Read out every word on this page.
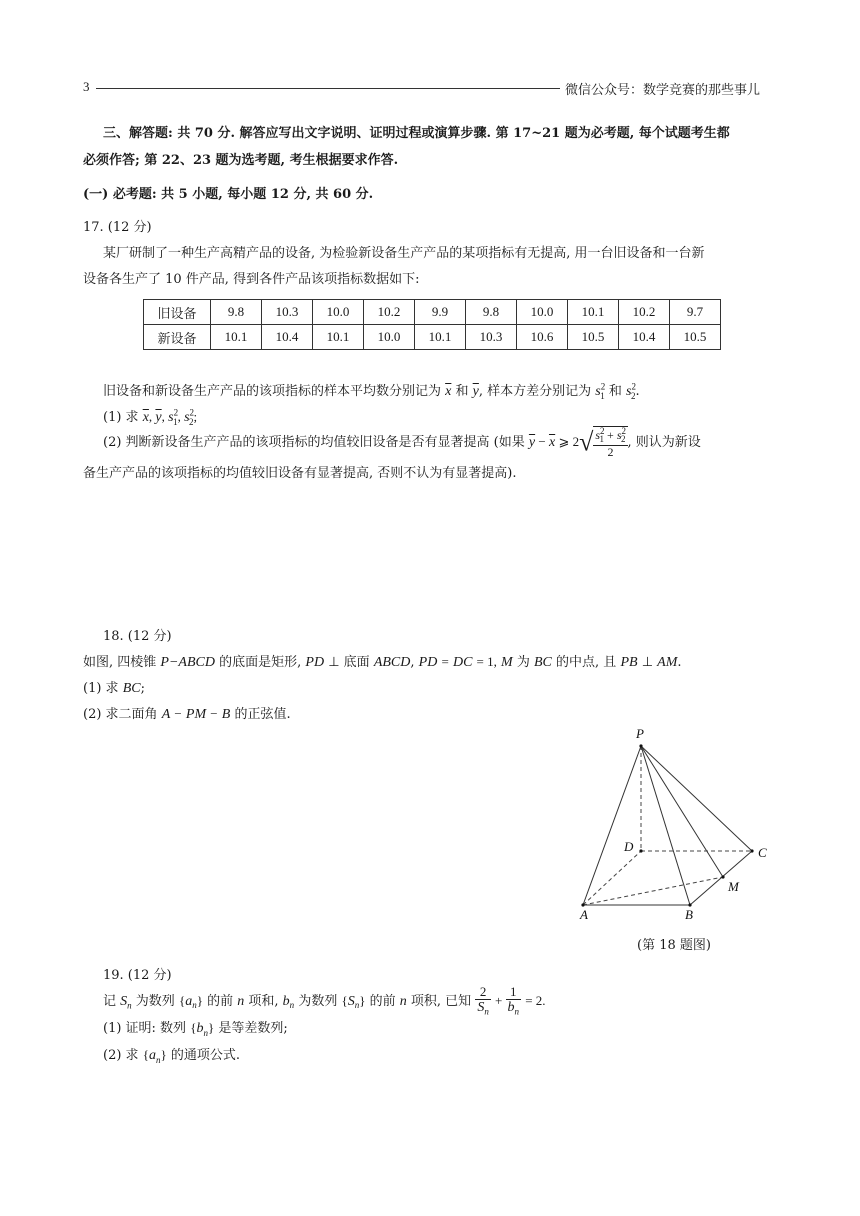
3	微信公众号：数学竞赛的那些事儿
三、解答题: 共 70 分. 解答应写出文字说明、证明过程或演算步骤. 第 17~21 题为必考题, 每个试题考生都
必须作答; 第 22、23 题为选考题, 考生根据要求作答.
(一) 必考题: 共 5 小题, 每小题 12 分, 共 60 分.
17. (12 分)
某厂研制了一种生产高精产品的设备, 为检验新设备生产产品的某项指标有无提高, 用一台旧设备和一台新
设备各生产了 10 件产品, 得到各件产品该项指标数据如下:
旧设备	9.8	10.3	10.0	10.2	9.9	9.8	10.0	10.1	10.2	9.7
新设备	10.1	10.4	10.1	10.0	10.1	10.3	10.6	10.5	10.4	10.5
旧设备和新设备生产产品的该项指标的样本平均数分别记为 $\overline{x}$ 和 $\overline{y}$, 样本方差分别记为 $s^2_1$ 和 $s^2_2$.
(1) 求 $\overline{x}$, $\overline{y}$, $s^2_1$, $s^2_2$;
(2) 判断新设备生产产品的该项指标的均值较旧设备是否有显著提高 (如果 $\overline{y} - \overline{x}$ ⩾ $2√ \frac{s^2_1 + s^2_2}{2}$ , 则认为新设
备生产产品的该项指标的均值较旧设备有显著提高, 否则不认为有显著提高).
18. (12 分)
如图, 四棱锥 P−ABCD 的底面是矩形, PD ⊥ 底面 ABCD, PD = DC = 1, M 为 BC 的中点, 且 PB ⊥ AM.
(1) 求 BC;
(2) 求二面角 A − PM − B 的正弦值.
P
D	C
M
A	B
(第 18 题图)
19. (12 分)
记 $S_n$ 为数列 $\{a_n\}$ 的前 n 项和, $b_n$ 为数列 $\{S_n\}$ 的前 n 项积, 已知 $\frac{2}{S_n} + \frac{1}{b_n} = 2$.
(1) 证明: 数列 $\{b_n\}$ 是等差数列;
(2) 求 $\{a_n\}$ 的通项公式.
